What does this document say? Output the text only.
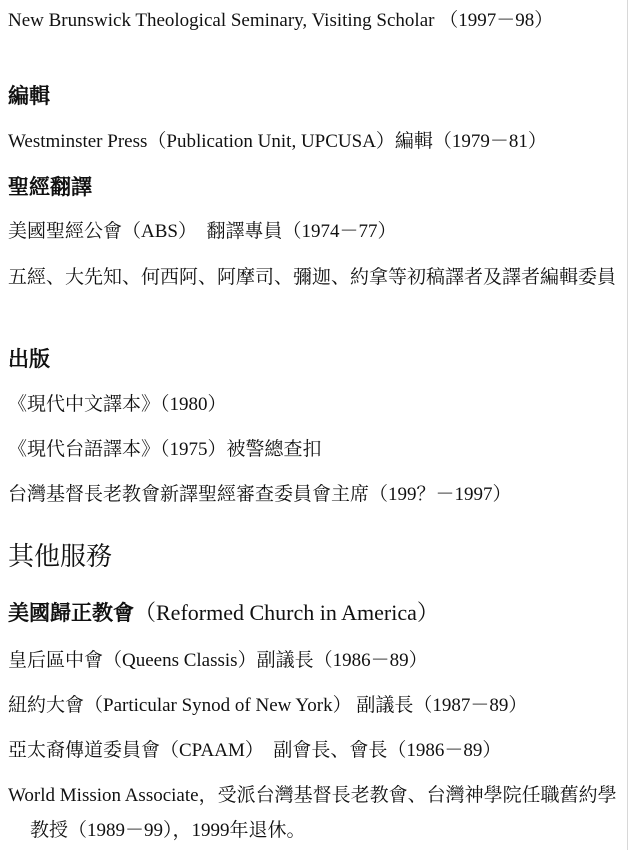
New Brunswick Theological Seminary, Visiting Scholar （1997－98）

編輯

Westminster Press（Publication Unit, UPCUSA）編輯（1979－81）

聖經翻譯

美國聖經公會（ABS）　翻譯專員（1974－77）

五經、大先知、何西阿、阿摩司、彌迦、約拿等初稿譯者及譯者編輯委員

出版

《現代中文譯本》（1980）

《現代台語譯本》（1975）被警總查扣

台灣基督長老教會新譯聖經審查委員會主席（199？－1997）

其他服務
美國歸正教會（Reformed Church in America）

皇后區中會（Queens Classis）副議長（1986－89）

紐約大會（Particular Synod of New York） 副議長（1987－89）

亞太裔傳道委員會（CPAAM）　副會長、會長（1986－89）

World Mission Associate，受派台灣基督長老教會、台灣神學院任職舊約學教授（1989－99），1999年退休。
